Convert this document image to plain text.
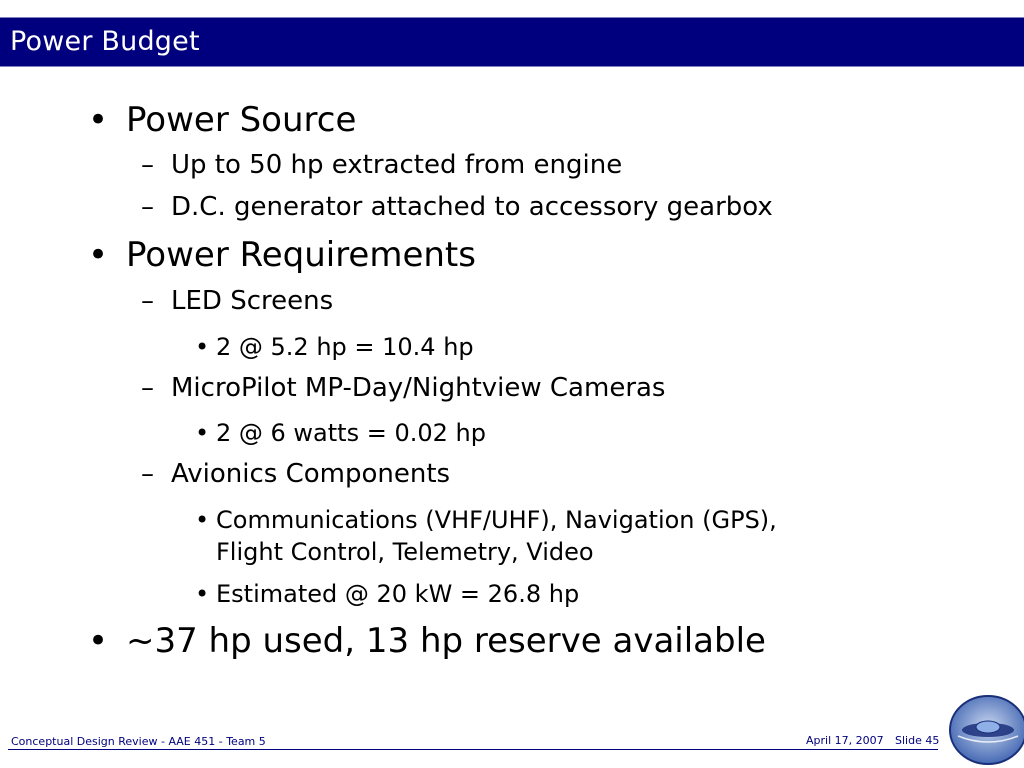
Power Budget
• Power Source
– Up to 50 hp extracted from engine
– D.C. generator attached to accessory gearbox
• Power Requirements
– LED Screens
• 2 @ 5.2 hp = 10.4 hp
– MicroPilot MP-Day/Nightview Cameras
• 2 @ 6 watts = 0.02 hp
– Avionics Components
• Communications (VHF/UHF), Navigation (GPS),
Flight Control, Telemetry, Video
• Estimated @ 20 kW = 26.8 hp
• ~37 hp used, 13 hp reserve available
Conceptual Design Review - AAE 451 - Team 5	April 17, 2007 Slide 45
